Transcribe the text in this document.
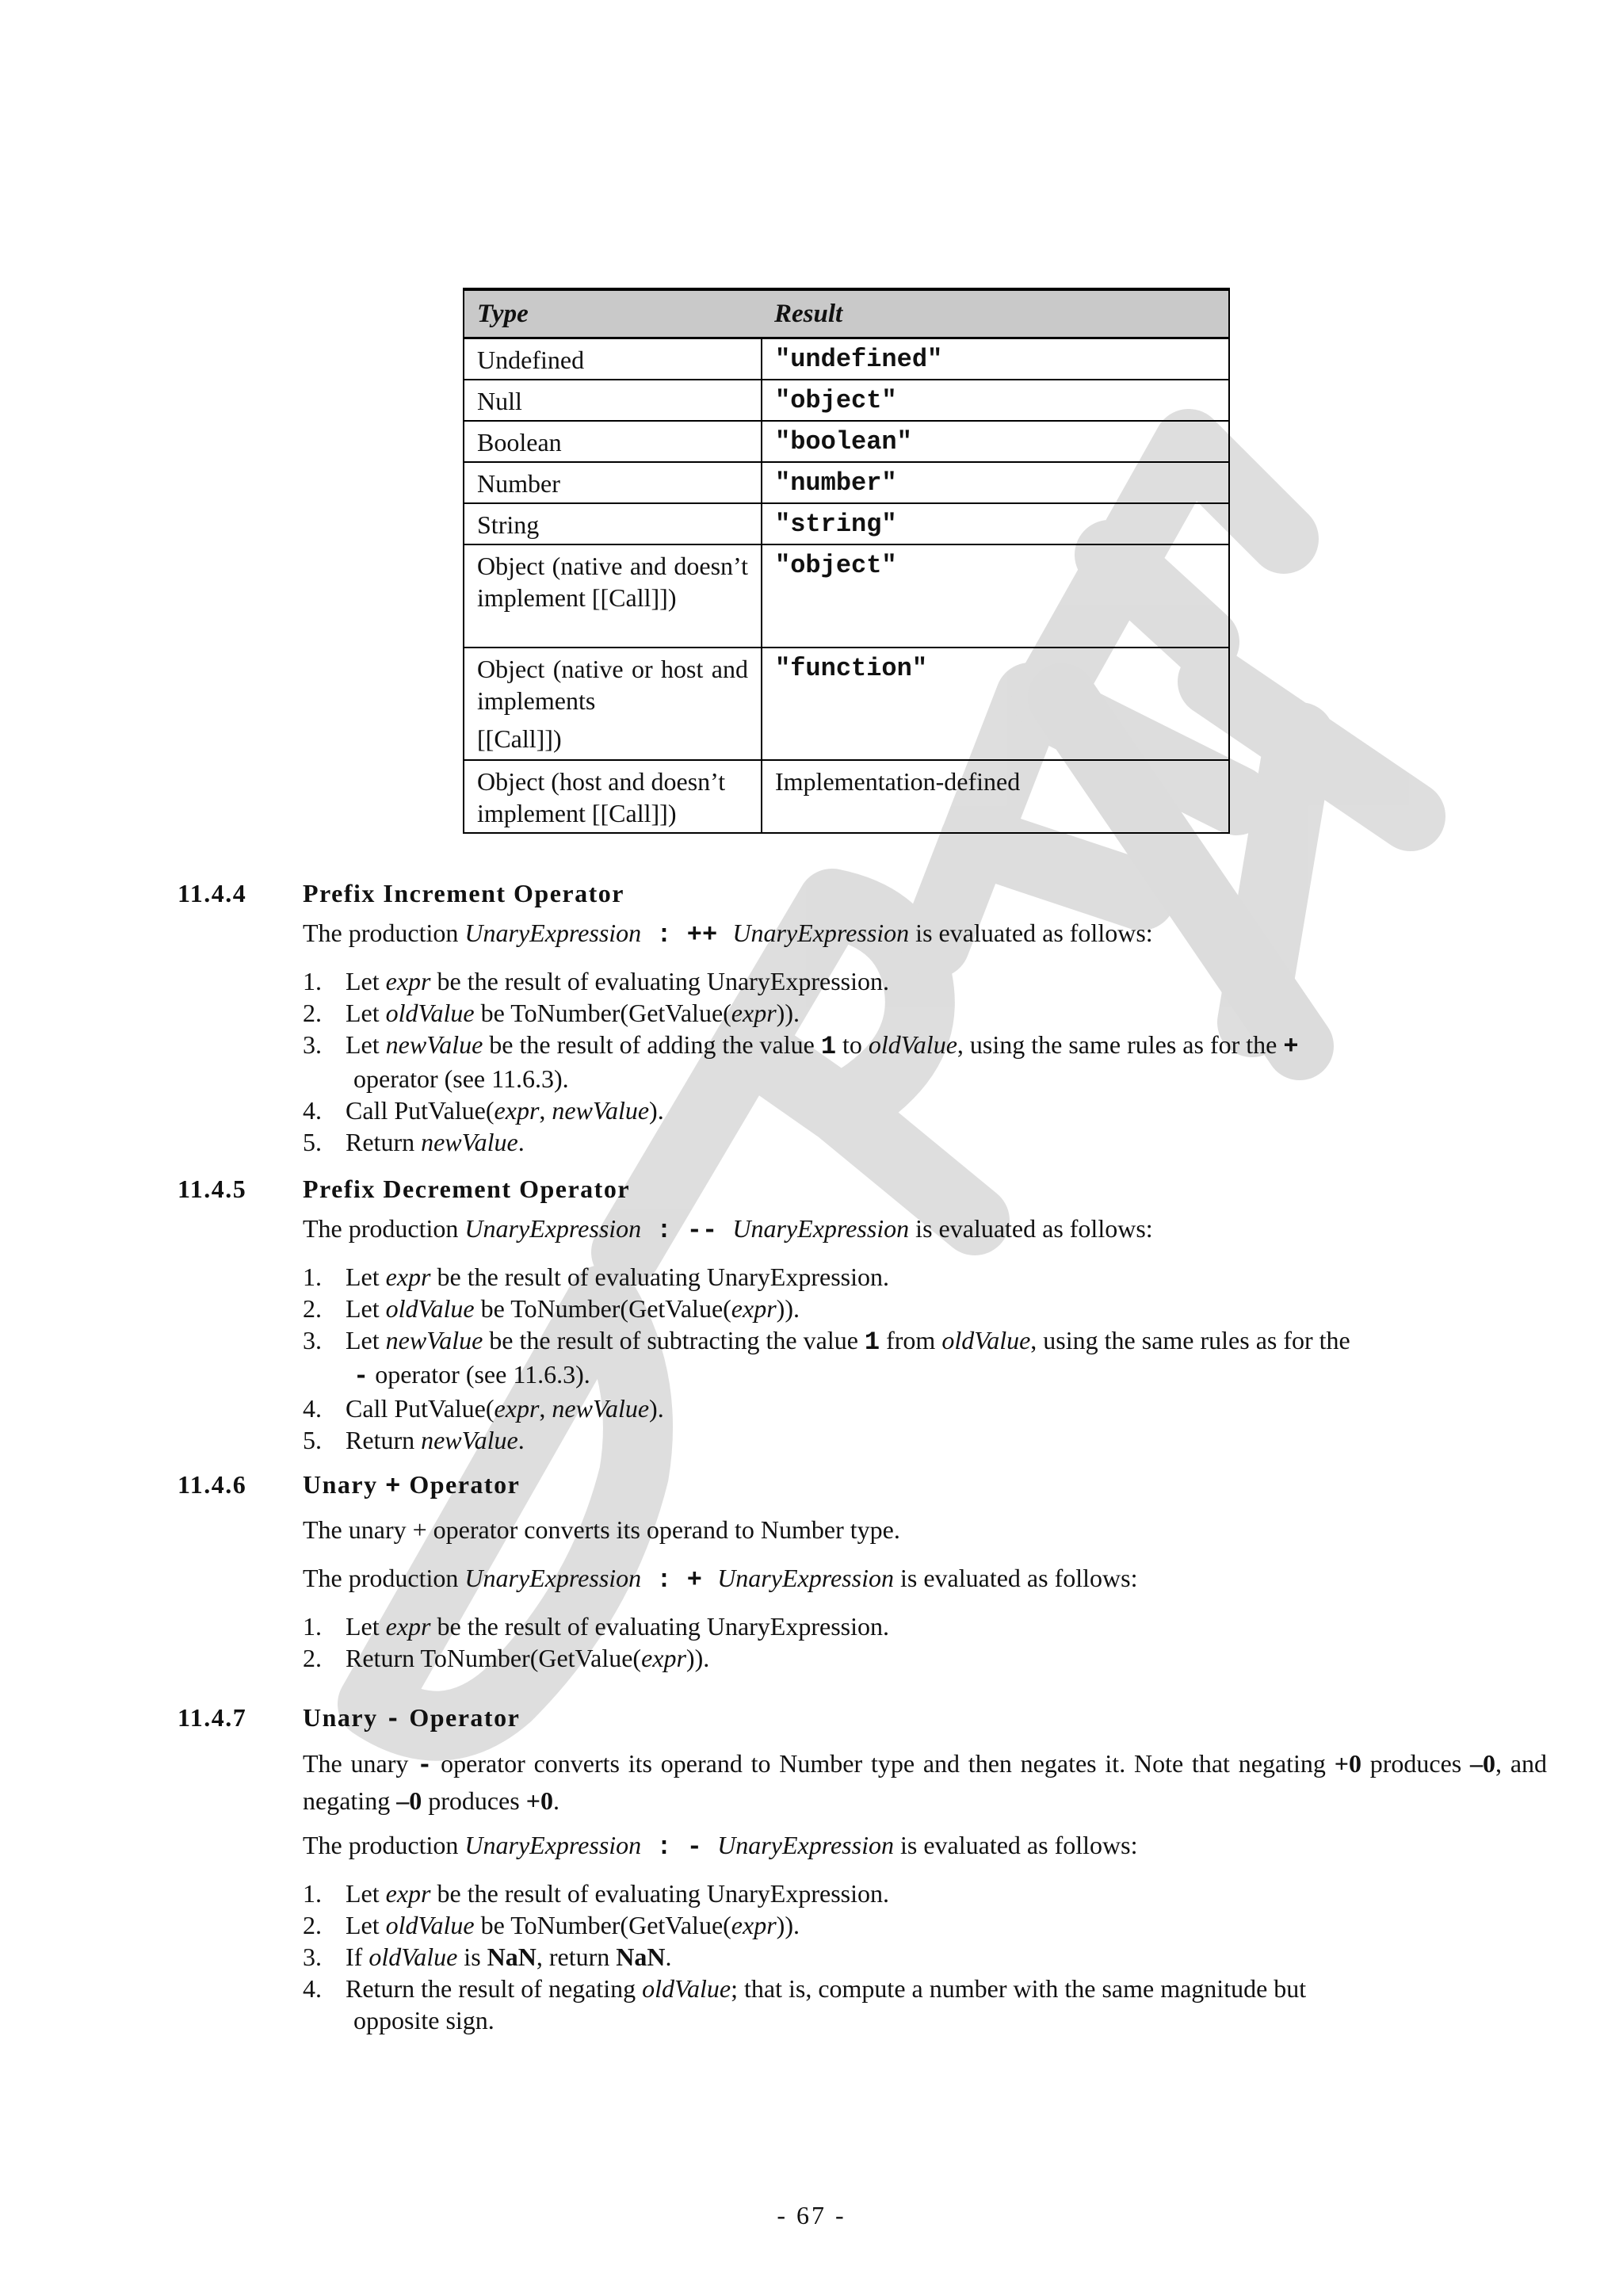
Type	Result
Undefined	"undefined"
Null	"object"
Boolean	"boolean"
Number	"number"
String	"string"
Object (native and doesn’t implement [[Call]])	"object"
Object (native or host and implements
[[Call]])	"function"
Object (host and doesn’t implement [[Call]])	Implementation-defined
11.4.4	Prefix Increment Operator
The production UnaryExpression : ++ UnaryExpression is evaluated as follows:
1. Let expr be the result of evaluating UnaryExpression.
2. Let oldValue be ToNumber(GetValue(expr)).
3. Let newValue be the result of adding the value 1 to oldValue, using the same rules as for the +
operator (see 11.6.3).
4. Call PutValue(expr, newValue).
5. Return newValue.
11.4.5	Prefix Decrement Operator
The production UnaryExpression : -- UnaryExpression is evaluated as follows:
1. Let expr be the result of evaluating UnaryExpression.
2. Let oldValue be ToNumber(GetValue(expr)).
3. Let newValue be the result of subtracting the value 1 from oldValue, using the same rules as for the
- operator (see 11.6.3).
4. Call PutValue(expr, newValue).
5. Return newValue.
11.4.6	Unary + Operator
The unary + operator converts its operand to Number type.
The production UnaryExpression : + UnaryExpression is evaluated as follows:
1. Let expr be the result of evaluating UnaryExpression.
2. Return ToNumber(GetValue(expr)).
11.4.7	Unary - Operator
The unary - operator converts its operand to Number type and then negates it. Note that negating +0 produces –0, and negating –0 produces +0.
The production UnaryExpression : - UnaryExpression is evaluated as follows:
1. Let expr be the result of evaluating UnaryExpression.
2. Let oldValue be ToNumber(GetValue(expr)).
3. If oldValue is NaN, return NaN.
4. Return the result of negating oldValue; that is, compute a number with the same magnitude but
opposite sign.
- 67 -
